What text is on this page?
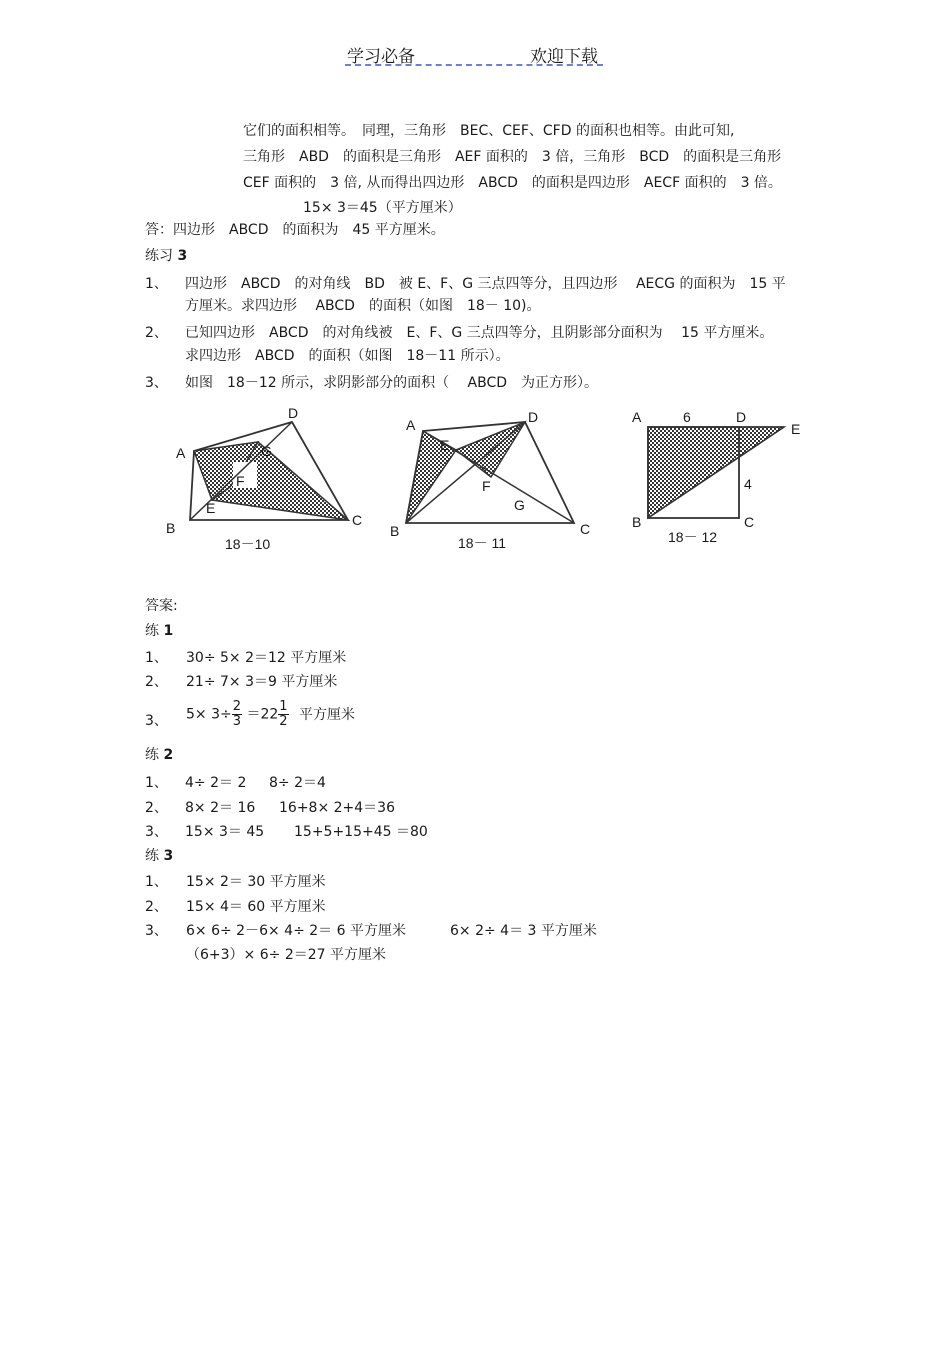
学习必备	欢迎下载
它们的面积相等。　同理，三角形　BEC、CEF、CFD 的面积也相等。由此可知,
三角形　ABD　的面积是三角形　AEF 面积的　3 倍，三角形　BCD　的面积是三角形
CEF 面积的　3 倍, 从而得出四边形　ABCD　的面积是四边形　AECF 面积的　3 倍。
15× 3＝45（平方厘米）
答：四边形　ABCD　的面积为　45 平方厘米。
练习 3
1、 四边形　ABCD　的对角线　BD　被 E、F、G 三点四等分，且四边形　 AECG 的面积为　15 平
方厘米。求四边形　 ABCD　的面积（如图　18－ 10)。
2、 已知四边形　ABCD　的对角线被　E、F、G 三点四等分，且阴影部分面积为　 15 平方厘米。
求四边形　ABCD　的面积（如图　18－11 所示）。
3、 如图　18－12 所示，求阴影部分的面积（　 ABCD　为正方形）。
A
D
G
F
E
B	C
18－10
A	D
E
F
G
B	C
18－ 11
A	6	D
E
4
B	C
18－ 12
答案:
练 1
1、 30÷ 5× 2＝12 平方厘米
2、 21÷ 7× 3＝9 平方厘米
3、 $5\times 3\div \frac{2}{3} =22 \frac{1}{2}$ 平方厘米
练 2
1、 4÷ 2＝ 2 8÷ 2＝4
2、 8× 2＝ 16 16+8× 2+4＝36
3、 15× 3＝ 45 15+5+15+45 ＝80
练 3
1、 15× 2＝ 30 平方厘米
2、 15× 4＝ 60 平方厘米
3、 6× 6÷ 2－6× 4÷ 2＝ 6 平方厘米	6× 2÷ 4＝ 3 平方厘米
（6+3）× 6÷ 2＝27 平方厘米
